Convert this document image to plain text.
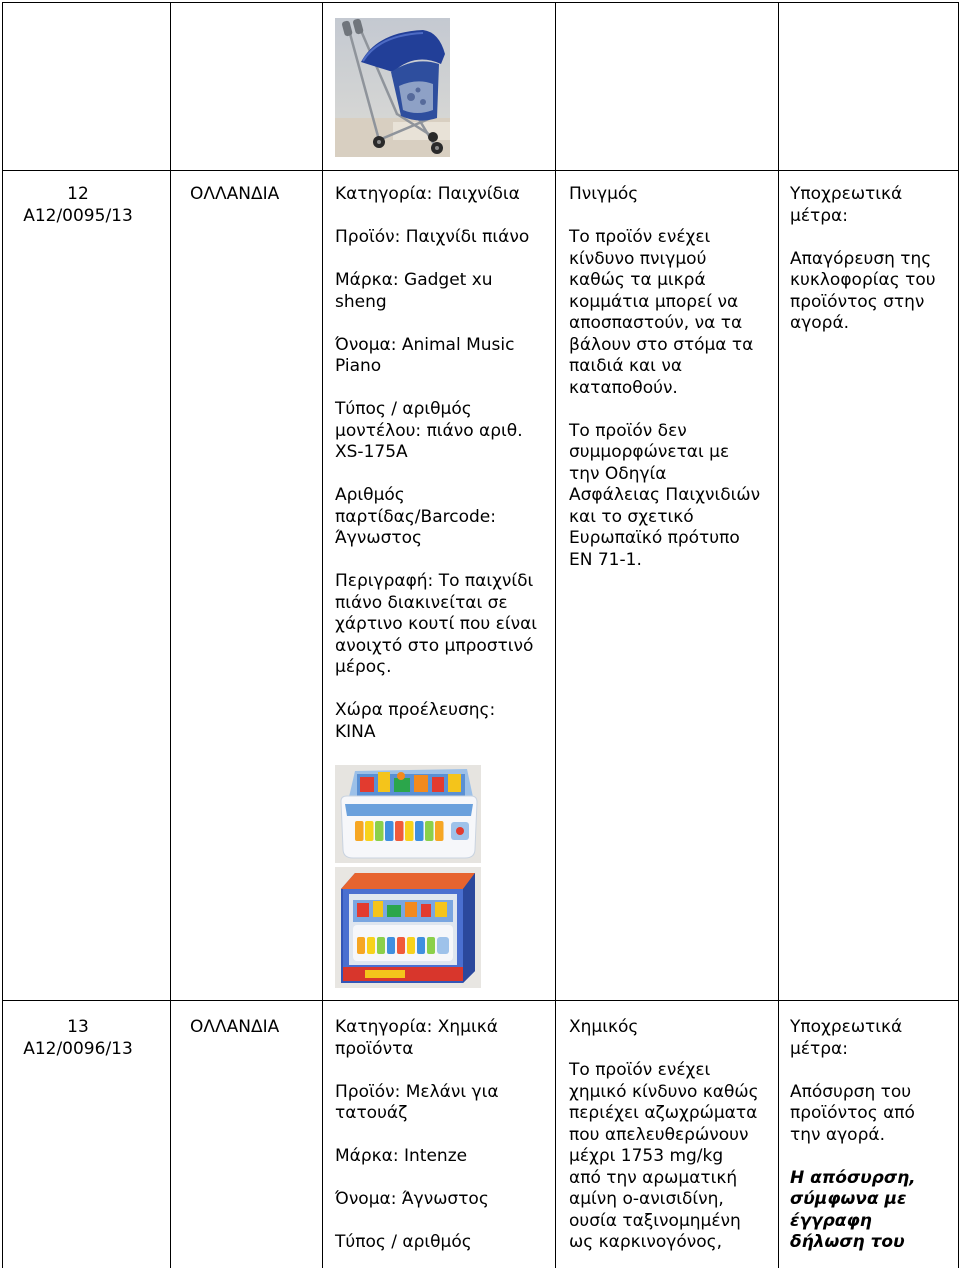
12
A12/0095/13
ΟΛΛΑΝΔΙΑ	Κατηγορία: Παιχνίδια
Προϊόν: Παιχνίδι πιάνο
Μάρκα: Gadget xu
sheng
Όνομα: Animal Music
Piano
Τύπος / αριθμός
μοντέλου: πιάνο αριθ.
XS-175A
Αριθμός
παρτίδας/Barcode:
Άγνωστος
Περιγραφή: Το παιχνίδι
πιάνο διακινείται σε
χάρτινο κουτί που είναι
ανοιχτό στο μπροστινό
μέρος.
Χώρα προέλευσης:
ΚΙΝΑ
Πνιγμός
Το προϊόν ενέχει
κίνδυνο πνιγμού
καθώς τα μικρά
κομμάτια μπορεί να
αποσπαστούν, να τα
βάλουν στο στόμα τα
παιδιά και να
καταποθούν.
Το προϊόν δεν
συμμορφώνεται με
την Οδηγία
Ασφάλειας Παιχνιδιών
και το σχετικό
Ευρωπαϊκό πρότυπο
ΕΝ 71-1.
Υποχρεωτικά
μέτρα:
Απαγόρευση της
κυκλοφορίας του
προϊόντος στην
αγορά.
13
A12/0096/13
ΟΛΛΑΝΔΙΑ	Κατηγορία: Χημικά
προϊόντα
Προϊόν: Μελάνι για
τατουάζ
Μάρκα: Intenze
Όνομα: Άγνωστος
Τύπος / αριθμός
Χημικός
Το προϊόν ενέχει
χημικό κίνδυνο καθώς
περιέχει αζωχρώματα
που απελευθερώνουν
μέχρι 1753 mg/kg
από την αρωματική
αμίνη ο-ανισιδίνη,
ουσία ταξινομημένη
ως καρκινογόνος,
Υποχρεωτικά
μέτρα:
Απόσυρση του
προϊόντος από
την αγορά.
Η απόσυρση,
σύμφωνα με
έγγραφη
δήλωση του
